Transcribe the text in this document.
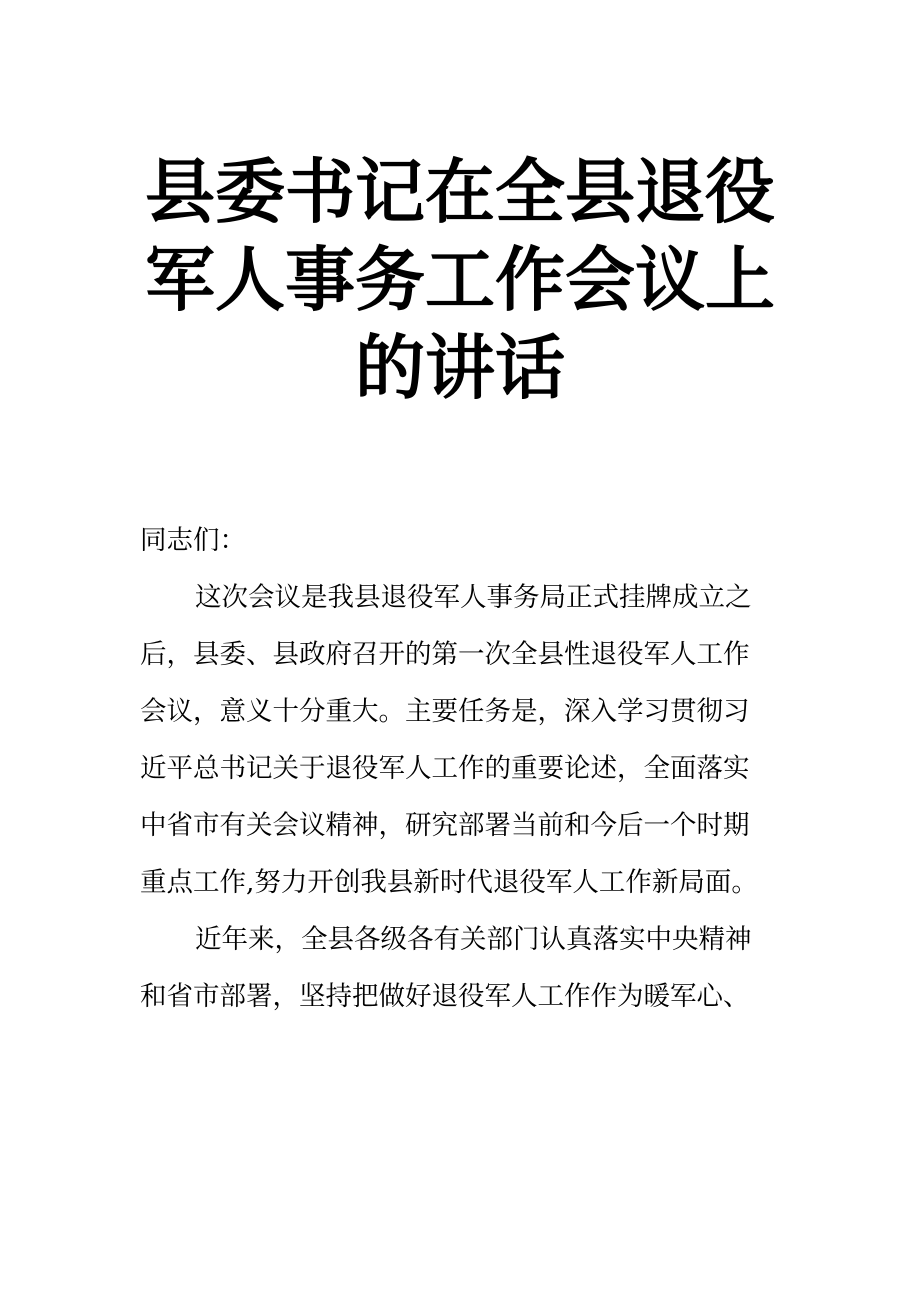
县委书记在全县退役
军人事务工作会议上
的讲话
同志们：
这次会议是我县退役军人事务局正式挂牌成立之
后，县委、县政府召开的第一次全县性退役军人工作
会议，意义十分重大。主要任务是，深入学习贯彻习
近平总书记关于退役军人工作的重要论述，全面落实
中省市有关会议精神，研究部署当前和今后一个时期
重点工作,努力开创我县新时代退役军人工作新局面。
近年来，全县各级各有关部门认真落实中央精神
和省市部署，坚持把做好退役军人工作作为暖军心、
